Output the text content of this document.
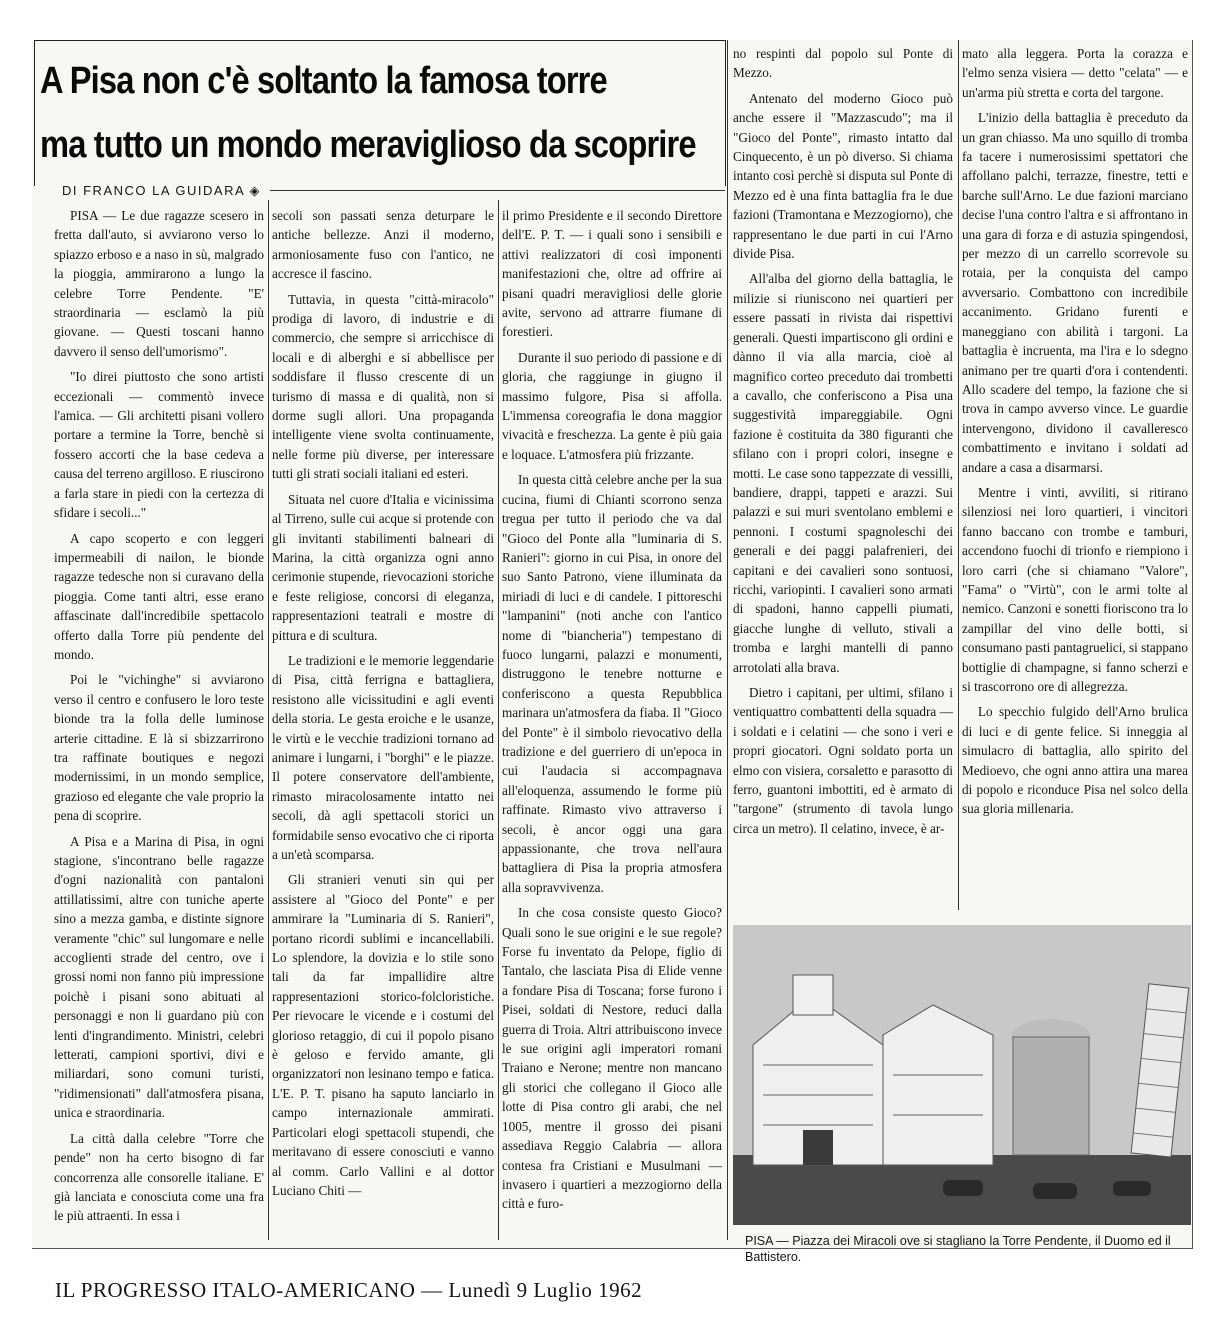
A Pisa non c'è soltanto la famosa torre
ma tutto un mondo meraviglioso da scoprire
DI FRANCO LA GUIDARA ◈

PISA — Le due ragazze scesero in fretta dall'auto, si avviarono verso lo spiazzo erboso e a naso in sù, malgrado la pioggia, ammirarono a lungo la celebre Torre Pendente. "E' straordinaria — esclamò la più giovane. — Questi toscani hanno davvero il senso dell'umorismo".

"Io direi piuttosto che sono artisti eccezionali — commentò invece l'amica. — Gli architetti pisani vollero portare a termine la Torre, benchè si fossero accorti che la base cedeva a causa del terreno argilloso. E riuscirono a farla stare in piedi con la certezza di sfidare i secoli..."

A capo scoperto e con leggeri impermeabili di nailon, le bionde ragazze tedesche non si curavano della pioggia. Come tanti altri, esse erano affascinate dall'incredibile spettacolo offerto dalla Torre più pendente del mondo.

Poi le "vichinghe" si avviarono verso il centro e confusero le loro teste bionde tra la folla delle luminose arterie cittadine. E là si sbizzarrirono tra raffinate boutiques e negozi modernissimi, in un mondo semplice, grazioso ed elegante che vale proprio la pena di scoprire.

A Pisa e a Marina di Pisa, in ogni stagione, s'incontrano belle ragazze d'ogni nazionalità con pantaloni attillatissimi, altre con tuniche aperte sino a mezza gamba, e distinte signore veramente "chic" sul lungomare e nelle accoglienti strade del centro, ove i grossi nomi non fanno più impressione poichè i pisani sono abituati al personaggi e non li guardano più con lenti d'ingrandimento. Ministri, celebri letterati, campioni sportivi, divi e miliardari, sono comuni turisti, "ridimensionati" dall'atmosfera pisana, unica e straordinaria.

La città dalla celebre "Torre che pende" non ha certo bisogno di far concorrenza alle consorelle italiane. E' già lanciata e conosciuta come una fra le più attraenti. In essa i

secoli son passati senza deturpare le antiche bellezze. Anzi il moderno, armoniosamente fuso con l'antico, ne accresce il fascino.

Tuttavia, in questa "città-miracolo" prodiga di lavoro, di industrie e di commercio, che sempre si arricchisce di locali e di alberghi e si abbellisce per soddisfare il flusso crescente di un turismo di massa e di qualità, non si dorme sugli allori. Una propaganda intelligente viene svolta continuamente, nelle forme più diverse, per interessare tutti gli strati sociali italiani ed esteri.

Situata nel cuore d'Italia e vicinissima al Tirreno, sulle cui acque si protende con gli invitanti stabilimenti balneari di Marina, la città organizza ogni anno cerimonie stupende, rievocazioni storiche e feste religiose, concorsi di eleganza, rappresentazioni teatrali e mostre di pittura e di scultura.

Le tradizioni e le memorie leggendarie di Pisa, città ferrigna e battagliera, resistono alle vicissitudini e agli eventi della storia. Le gesta eroiche e le usanze, le virtù e le vecchie tradizioni tornano ad animare i lungarni, i "borghi" e le piazze. Il potere conservatore dell'ambiente, rimasto miracolosamente intatto nei secoli, dà agli spettacoli storici un formidabile senso evocativo che ci riporta a un'età scomparsa.

Gli stranieri venuti sin qui per assistere al "Gioco del Ponte" e per ammirare la "Luminaria di S. Ranieri", portano ricordi sublimi e incancellabili. Lo splendore, la dovizia e lo stile sono tali da far impallidire altre rappresentazioni storico-folcloristiche. Per rievocare le vicende e i costumi del glorioso retaggio, di cui il popolo pisano è geloso e fervido amante, gli organizzatori non lesinano tempo e fatica. L'E. P. T. pisano ha saputo lanciarlo in campo internazionale ammirati. Particolari elogi spettacoli stupendi, che meritavano di essere conosciuti e vanno al comm. Carlo Vallini e al dottor Luciano Chiti —

il primo Presidente e il secondo Direttore dell'E. P. T. — i quali sono i sensibili e attivi realizzatori di così imponenti manifestazioni che, oltre ad offrire ai pisani quadri meravigliosi delle glorie avite, servono ad attrarre fiumane di forestieri.

Durante il suo periodo di passione e di gloria, che raggiunge in giugno il massimo fulgore, Pisa si affolla. L'immensa coreografia le dona maggior vivacità e freschezza. La gente è più gaia e loquace. L'atmosfera più frizzante.

In questa città celebre anche per la sua cucina, fiumi di Chianti scorrono senza tregua per tutto il periodo che va dal "Gioco del Ponte alla "luminaria di S. Ranieri": giorno in cui Pisa, in onore del suo Santo Patrono, viene illuminata da miriadi di luci e di candele. I pittoreschi "lampanini" (noti anche con l'antico nome di "biancheria") tempestano di fuoco lungarni, palazzi e monumenti, distruggono le tenebre notturne e conferiscono a questa Repubblica marinara un'atmosfera da fiaba. Il "Gioco del Ponte" è il simbolo rievocativo della tradizione e del guerriero di un'epoca in cui l'audacia si accompagnava all'eloquenza, assumendo le forme più raffinate. Rimasto vivo attraverso i secoli, è ancor oggi una gara appassionante, che trova nell'aura battagliera di Pisa la propria atmosfera alla sopravvivenza.

In che cosa consiste questo Gioco? Quali sono le sue origini e le sue regole? Forse fu inventato da Pelope, figlio di Tantalo, che lasciata Pisa di Elide venne a fondare Pisa di Toscana; forse furono i Pisei, soldati di Nestore, reduci dalla guerra di Troia. Altri attribuiscono invece le sue origini agli imperatori romani Traiano e Nerone; mentre non mancano gli storici che collegano il Gioco alle lotte di Pisa contro gli arabi, che nel 1005, mentre il grosso dei pisani assediava Reggio Calabria — allora contesa fra Cristiani e Musulmani — invasero i quartieri a mezzogiorno della città e furo-

no respinti dal popolo sul Ponte di Mezzo.

Antenato del moderno Gioco può anche essere il "Mazzascudo"; ma il "Gioco del Ponte", rimasto intatto dal Cinquecento, è un pò diverso. Si chiama intanto così perchè si disputa sul Ponte di Mezzo ed è una finta battaglia fra le due fazioni (Tramontana e Mezzogiorno), che rappresentano le due parti in cui l'Arno divide Pisa.

All'alba del giorno della battaglia, le milizie si riuniscono nei quartieri per essere passati in rivista dai rispettivi generali. Questi impartiscono gli ordini e dànno il via alla marcia, cioè al magnifico corteo preceduto dai trombetti a cavallo, che conferiscono a Pisa una suggestività impareggiabile. Ogni fazione è costituita da 380 figuranti che sfilano con i propri colori, insegne e motti. Le case sono tappezzate di vessilli, bandiere, drappi, tappeti e arazzi. Sui palazzi e sui muri sventolano emblemi e pennoni. I costumi spagnoleschi dei generali e dei paggi palafrenieri, dei capitani e dei cavalieri sono sontuosi, ricchi, variopinti. I cavalieri sono armati di spadoni, hanno cappelli piumati, giacche lunghe di velluto, stivali a tromba e larghi mantelli di panno arrotolati alla brava.

Dietro i capitani, per ultimi, sfilano i ventiquattro combattenti della squadra — i soldati e i celatini — che sono i veri e propri giocatori. Ogni soldato porta un elmo con visiera, corsaletto e parasotto di ferro, guantoni imbottiti, ed è armato di "targone" (strumento di tavola lungo circa un metro). Il celatino, invece, è ar-

mato alla leggera. Porta la corazza e l'elmo senza visiera — detto "celata" — e un'arma più stretta e corta del targone.

L'inizio della battaglia è preceduto da un gran chiasso. Ma uno squillo di tromba fa tacere i numerosissimi spettatori che affollano palchi, terrazze, finestre, tetti e barche sull'Arno. Le due fazioni marciano decise l'una contro l'altra e si affrontano in una gara di forza e di astuzia spingendosi, per mezzo di un carrello scorrevole su rotaia, per la conquista del campo avversario. Combattono con incredibile accanimento. Gridano furenti e maneggiano con abilità i targoni. La battaglia è incruenta, ma l'ira e lo sdegno animano per tre quarti d'ora i contendenti. Allo scadere del tempo, la fazione che si trova in campo avverso vince. Le guardie intervengono, dividono il cavalleresco combattimento e invitano i soldati ad andare a casa a disarmarsi.

Mentre i vinti, avviliti, si ritirano silenziosi nei loro quartieri, i vincitori fanno baccano con trombe e tamburi, accendono fuochi di trionfo e riempiono i loro carri (che si chiamano "Valore", "Fama" o "Virtù", con le armi tolte al nemico. Canzoni e sonetti fioriscono tra lo zampillar del vino delle botti, si consumano pasti pantagruelici, si stappano bottiglie di champagne, si fanno scherzi e si trascorrono ore di allegrezza.

Lo specchio fulgido dell'Arno brulica di luci e di gente felice. Si inneggia al simulacro di battaglia, allo spirito del Medioevo, che ogni anno attira una marea di popolo e riconduce Pisa nel solco della sua gloria millenaria.

PISA — Piazza dei Miracoli ove si stagliano la Torre Pendente, il Duomo ed il Battistero.
IL PROGRESSO ITALO-AMERICANO — Lunedì 9 Luglio 1962
